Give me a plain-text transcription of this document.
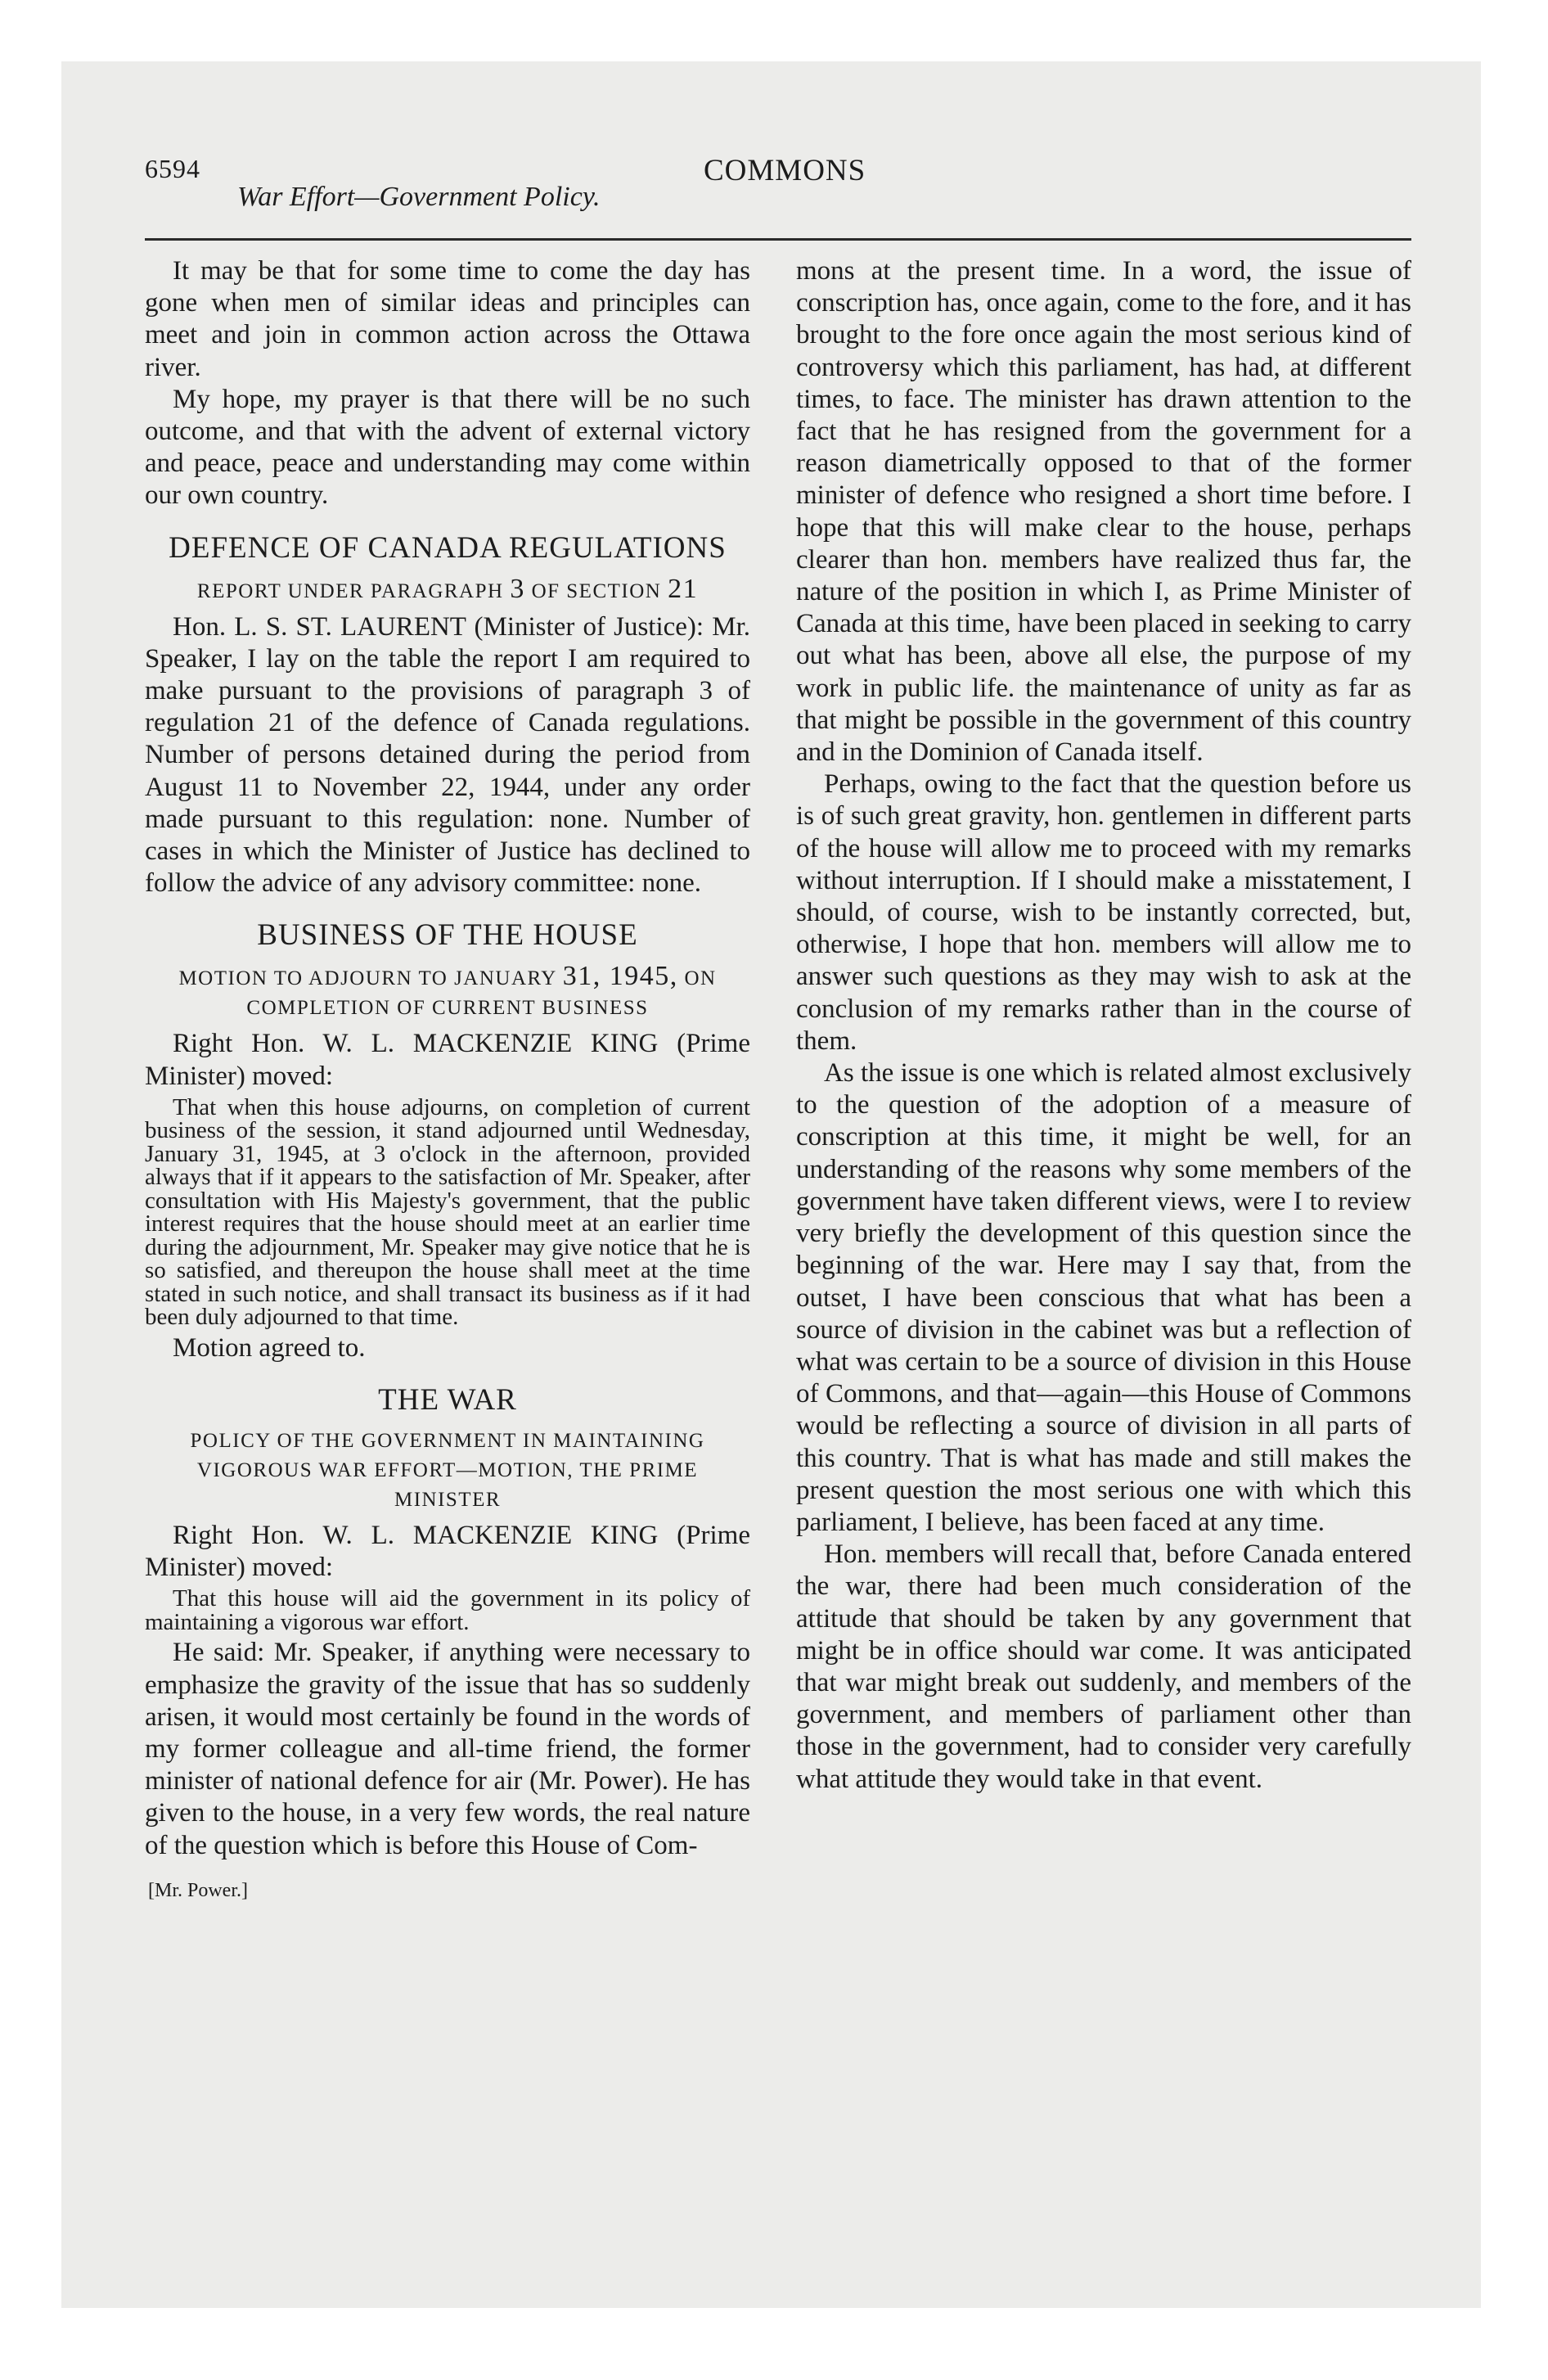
6594
War Effort—Government Policy.
COMMONS

It may be that for some time to come the day has gone when men of similar ideas and principles can meet and join in common action across the Ottawa river.

My hope, my prayer is that there will be no such outcome, and that with the advent of external victory and peace, peace and understanding may come within our own country.

DEFENCE OF CANADA REGULATIONS
REPORT UNDER PARAGRAPH 3 OF SECTION 21

Hon. L. S. ST. LAURENT (Minister of Justice): Mr. Speaker, I lay on the table the report I am required to make pursuant to the provisions of paragraph 3 of regulation 21 of the defence of Canada regulations. Number of persons detained during the period from August 11 to November 22, 1944, under any order made pursuant to this regulation: none. Number of cases in which the Minister of Justice has declined to follow the advice of any advisory committee: none.

BUSINESS OF THE HOUSE
MOTION TO ADJOURN TO JANUARY 31, 1945, ON COMPLETION OF CURRENT BUSINESS

Right Hon. W. L. MACKENZIE KING (Prime Minister) moved:

That when this house adjourns, on completion of current business of the session, it stand adjourned until Wednesday, January 31, 1945, at 3 o'clock in the afternoon, provided always that if it appears to the satisfaction of Mr. Speaker, after consultation with His Majesty's government, that the public interest requires that the house should meet at an earlier time during the adjournment, Mr. Speaker may give notice that he is so satisfied, and thereupon the house shall meet at the time stated in such notice, and shall transact its business as if it had been duly adjourned to that time.

Motion agreed to.

THE WAR
POLICY OF THE GOVERNMENT IN MAINTAINING VIGOROUS WAR EFFORT—MOTION, THE PRIME MINISTER

Right Hon. W. L. MACKENZIE KING (Prime Minister) moved:

That this house will aid the government in its policy of maintaining a vigorous war effort.

He said: Mr. Speaker, if anything were necessary to emphasize the gravity of the issue that has so suddenly arisen, it would most certainly be found in the words of my former colleague and all-time friend, the former minister of national defence for air (Mr. Power). He has given to the house, in a very few words, the real nature of the question which is before this House of Com-

[Mr. Power.]

mons at the present time. In a word, the issue of conscription has, once again, come to the fore, and it has brought to the fore once again the most serious kind of controversy which this parliament, has had, at different times, to face. The minister has drawn attention to the fact that he has resigned from the government for a reason diametrically opposed to that of the former minister of defence who resigned a short time before. I hope that this will make clear to the house, perhaps clearer than hon. members have realized thus far, the nature of the position in which I, as Prime Minister of Canada at this time, have been placed in seeking to carry out what has been, above all else, the purpose of my work in public life. the maintenance of unity as far as that might be possible in the government of this country and in the Dominion of Canada itself.

Perhaps, owing to the fact that the question before us is of such great gravity, hon. gentlemen in different parts of the house will allow me to proceed with my remarks without interruption. If I should make a misstatement, I should, of course, wish to be instantly corrected, but, otherwise, I hope that hon. members will allow me to answer such questions as they may wish to ask at the conclusion of my remarks rather than in the course of them.

As the issue is one which is related almost exclusively to the question of the adoption of a measure of conscription at this time, it might be well, for an understanding of the reasons why some members of the government have taken different views, were I to review very briefly the development of this question since the beginning of the war. Here may I say that, from the outset, I have been conscious that what has been a source of division in the cabinet was but a reflection of what was certain to be a source of division in this House of Commons, and that—again—this House of Commons would be reflecting a source of division in all parts of this country. That is what has made and still makes the present question the most serious one with which this parliament, I believe, has been faced at any time.

Hon. members will recall that, before Canada entered the war, there had been much consideration of the attitude that should be taken by any government that might be in office should war come. It was anticipated that war might break out suddenly, and members of the government, and members of parliament other than those in the government, had to consider very carefully what attitude they would take in that event.
